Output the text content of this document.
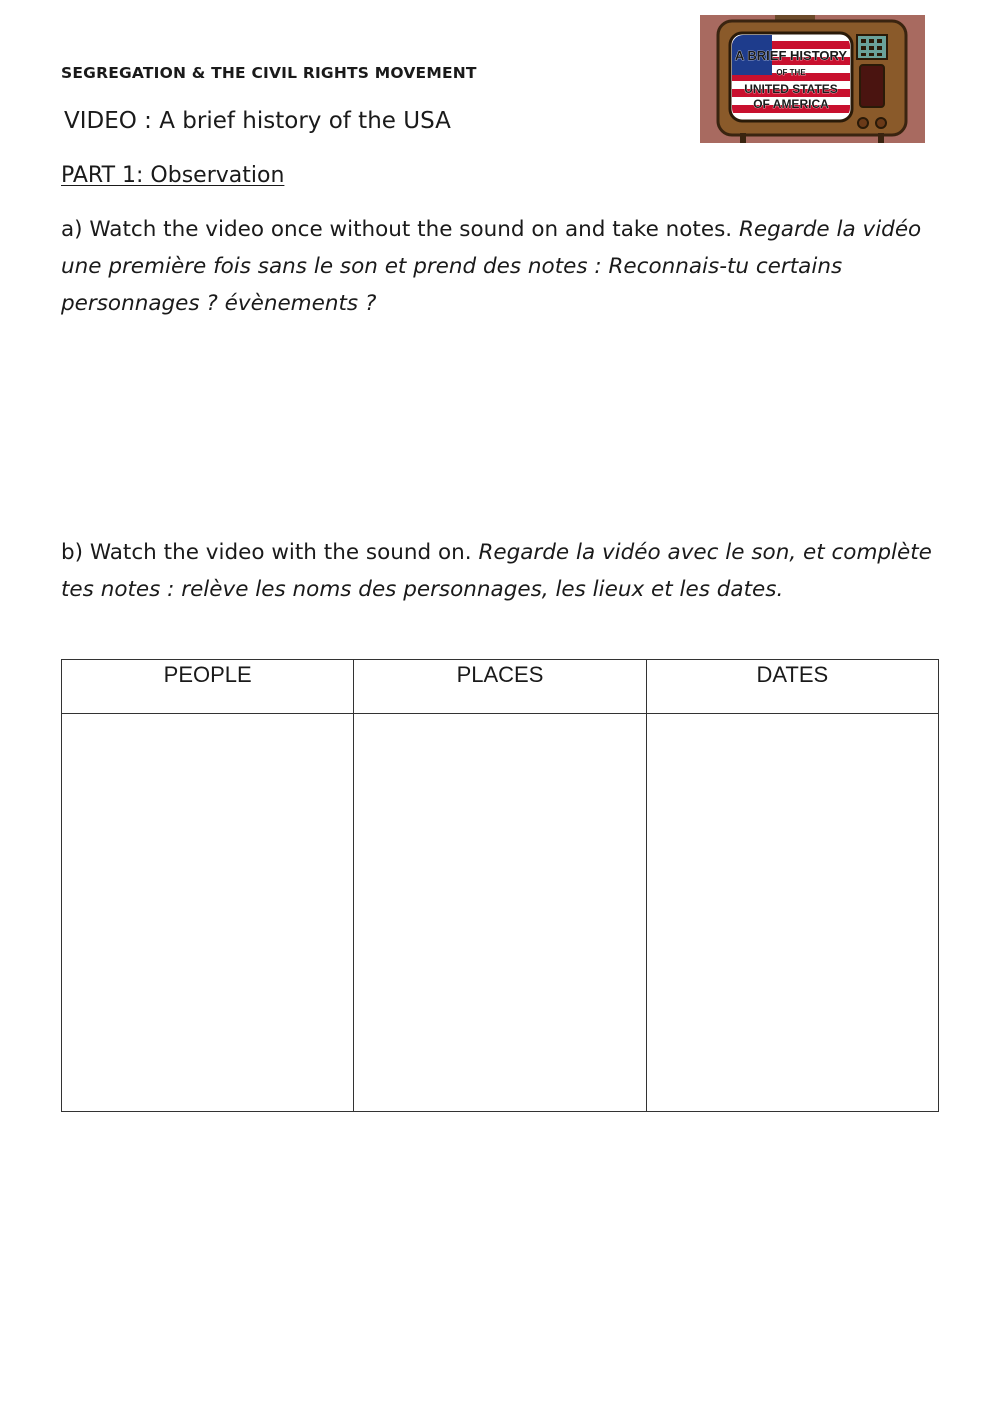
SEGREGATION & THE CIVIL RIGHTS MOVEMENT
VIDEO : A brief history of the USA
A BRIEF HISTORY
OF THE
UNITED STATES
OF AMERICA
PART 1: Observation
a) Watch the video once without the sound on and take notes. Regarde la vidéo une première fois sans le son et prend des notes : Reconnais-tu certains personnages ? évènements ?
b) Watch the video with the sound on. Regarde la vidéo avec le son, et complète tes notes : relève les noms des personnages, les lieux et les dates.
PEOPLE	PLACES	DATES
